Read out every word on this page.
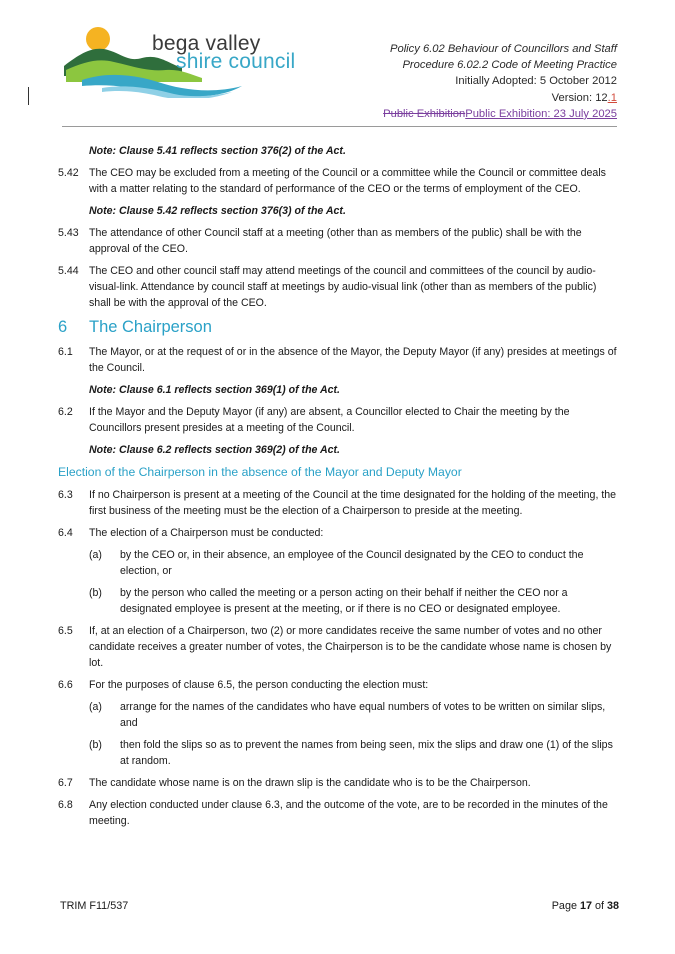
bega valley
shire council
Policy 6.02 Behaviour of Councillors and Staff
Procedure 6.02.2 Code of Meeting Practice
Initially Adopted: 5 October 2012
Version: 12.1
Public ExhibitionPublic Exhibition: 23 July 2025
Note: Clause 5.41 reflects section 376(2) of the Act.
5.42 The CEO may be excluded from a meeting of the Council or a committee while the Council or committee deals with a matter relating to the standard of performance of the CEO or the terms of employment of the CEO.
Note: Clause 5.42 reflects section 376(3) of the Act.
5.43 The attendance of other Council staff at a meeting (other than as members of the public) shall be with the approval of the CEO.
5.44 The CEO and other council staff may attend meetings of the council and committees of the council by audio-visual-link. Attendance by council staff at meetings by audio-visual link (other than as members of the public) shall be with the approval of the CEO.
6	The Chairperson
6.1	The Mayor, or at the request of or in the absence of the Mayor, the Deputy Mayor (if any) presides at meetings of the Council.
Note: Clause 6.1 reflects section 369(1) of the Act.
6.2	If the Mayor and the Deputy Mayor (if any) are absent, a Councillor elected to Chair the meeting by the Councillors present presides at a meeting of the Council.
Note: Clause 6.2 reflects section 369(2) of the Act.
Election of the Chairperson in the absence of the Mayor and Deputy Mayor
6.3	If no Chairperson is present at a meeting of the Council at the time designated for the holding of the meeting, the first business of the meeting must be the election of a Chairperson to preside at the meeting.
6.4	The election of a Chairperson must be conducted:
(a)	by the CEO or, in their absence, an employee of the Council designated by the CEO to conduct the election, or
(b)	by the person who called the meeting or a person acting on their behalf if neither the CEO nor a designated employee is present at the meeting, or if there is no CEO or designated employee.
6.5	If, at an election of a Chairperson, two (2) or more candidates receive the same number of votes and no other candidate receives a greater number of votes, the Chairperson is to be the candidate whose name is chosen by lot.
6.6	For the purposes of clause 6.5, the person conducting the election must:
(a)	arrange for the names of the candidates who have equal numbers of votes to be written on similar slips, and
(b)	then fold the slips so as to prevent the names from being seen, mix the slips and draw one (1) of the slips at random.
6.7	The candidate whose name is on the drawn slip is the candidate who is to be the Chairperson.
6.8	Any election conducted under clause 6.3, and the outcome of the vote, are to be recorded in the minutes of the meeting.
TRIM F11/537	Page 17 of 38
